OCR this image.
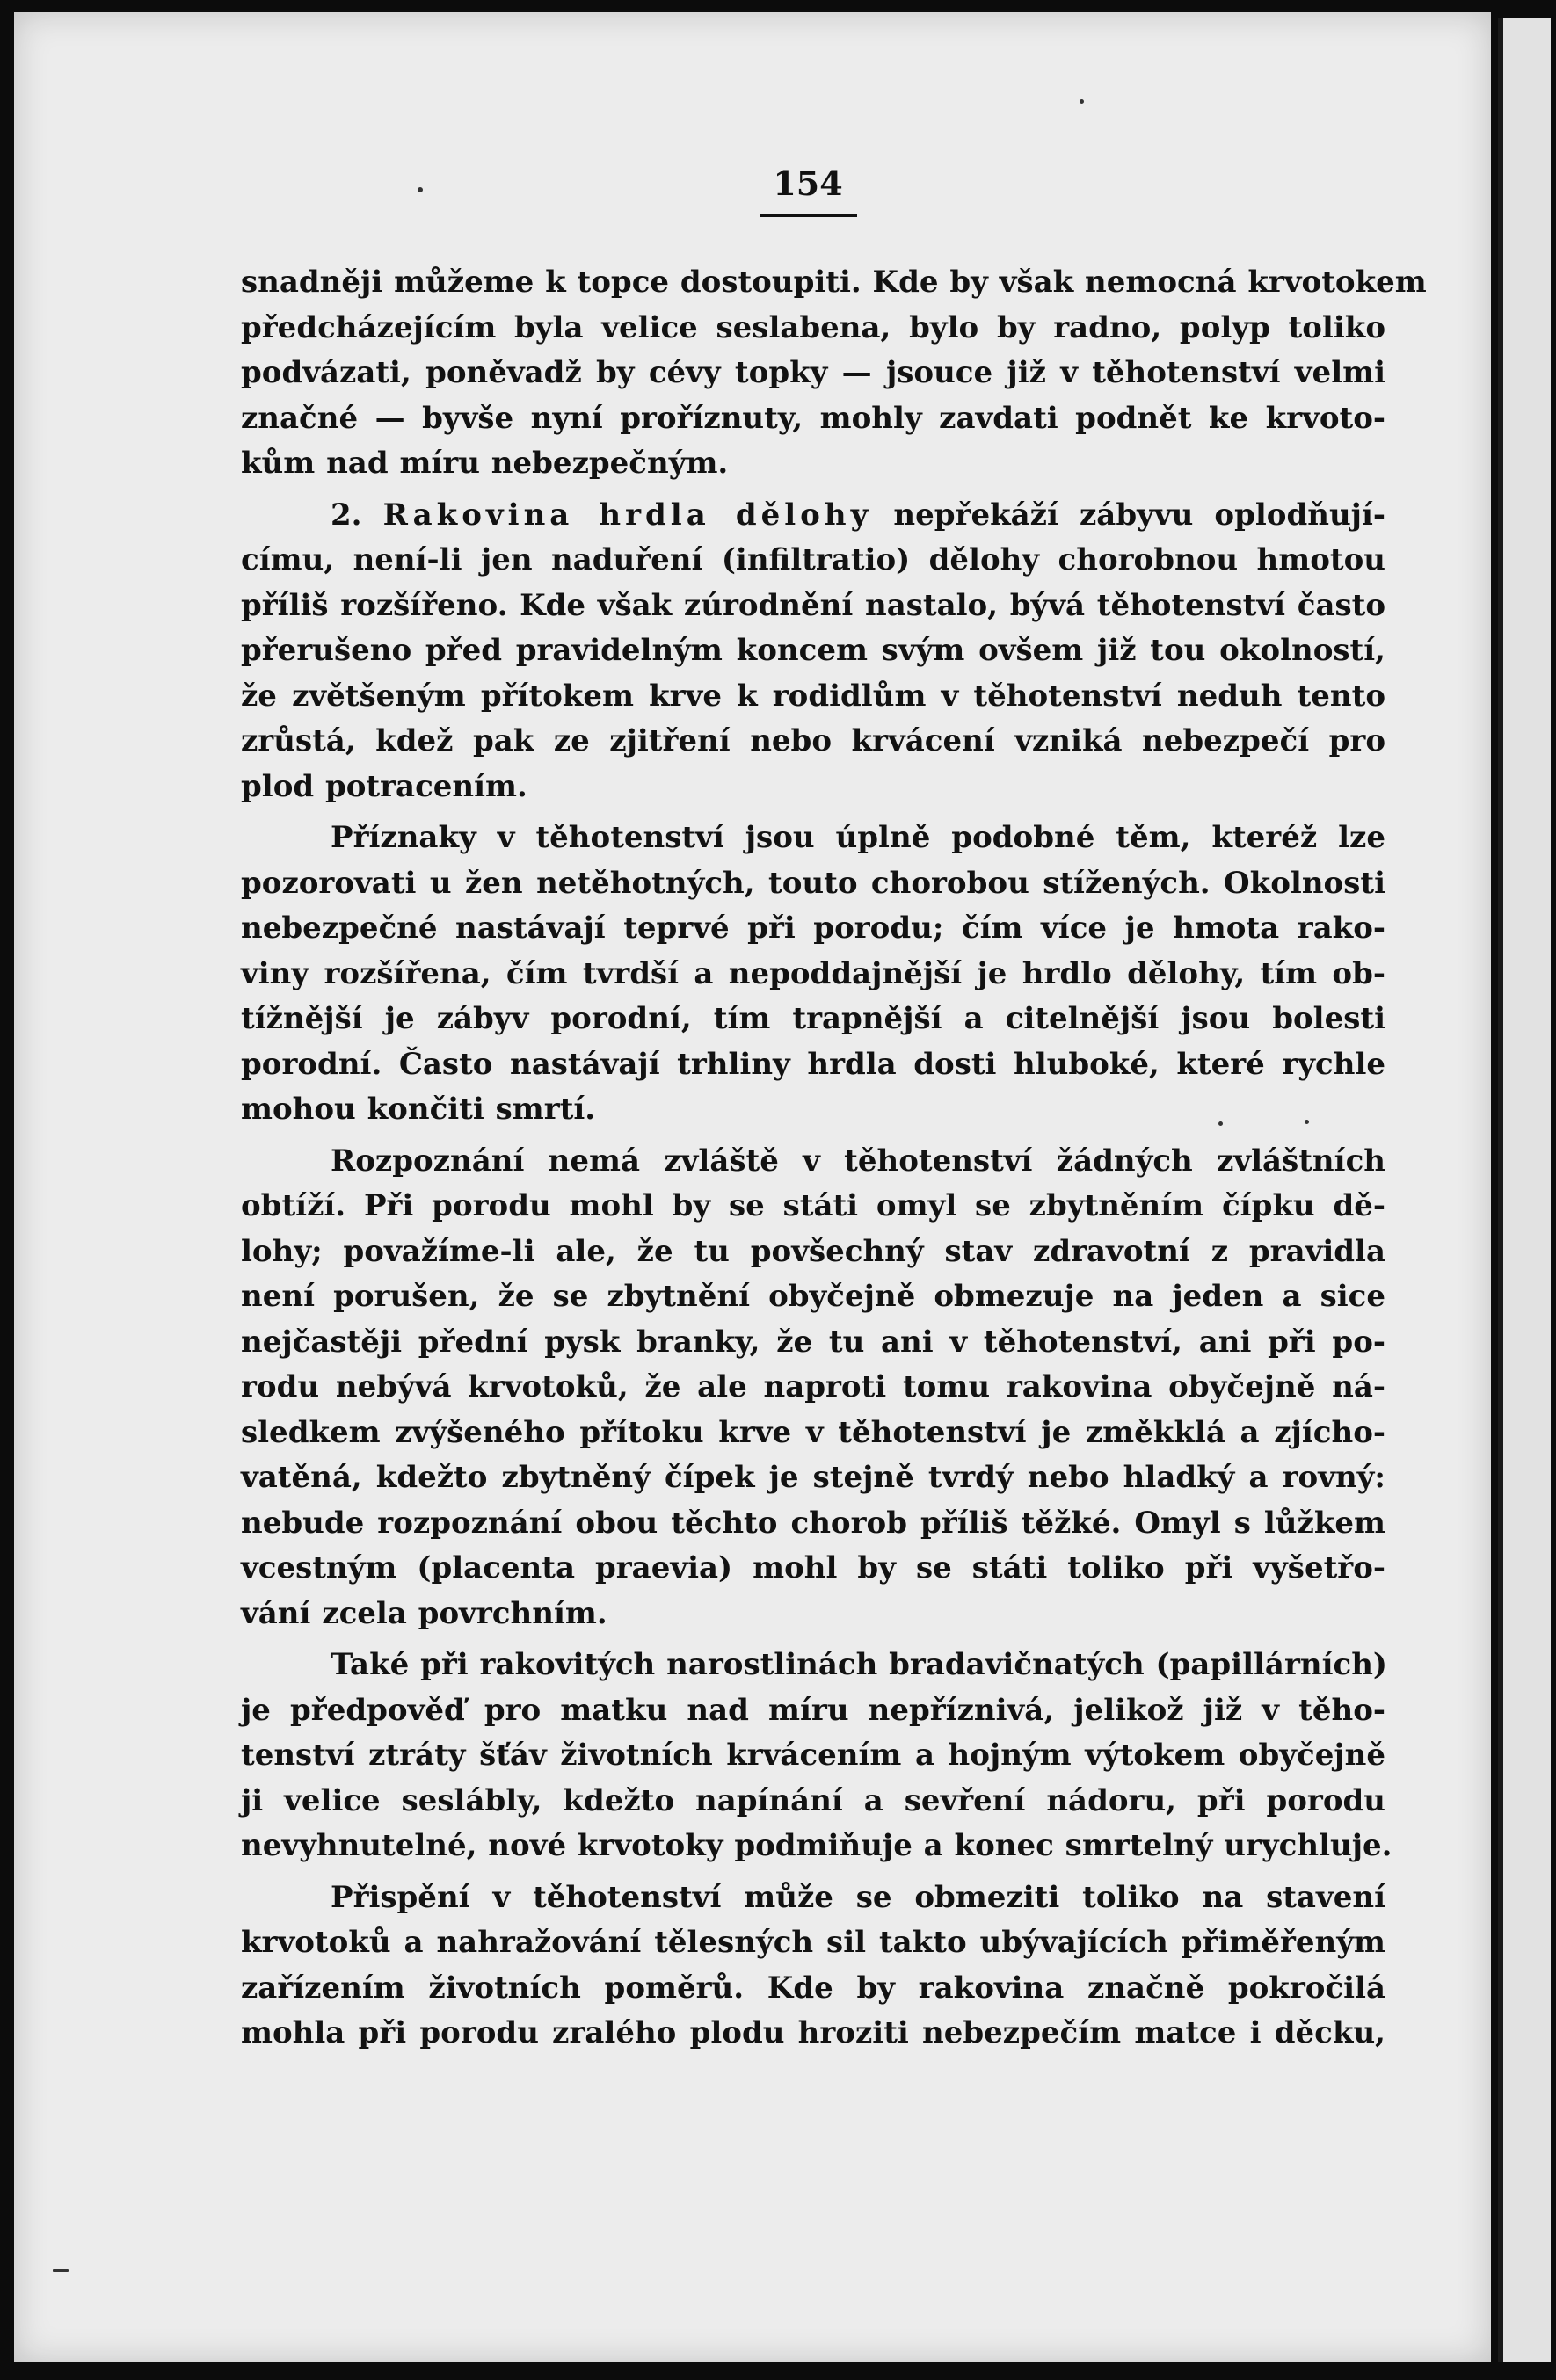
154
snadněji můžeme k topce dostoupiti. Kde by však nemocná krvotokem
předcházejícím byla velice seslabena, bylo by radno, polyp toliko
podvázati, poněvadž by cévy topky — jsouce již v těhotenství velmi
značné — byvše nyní proříznuty, mohly zavdati podnět ke krvoto-
kům nad míru nebezpečným.
2. Rakovina hrdla dělohy nepřekáží zábyvu oplodňují-
címu, není-li jen naduření (infiltratio) dělohy chorobnou hmotou
příliš rozšířeno. Kde však zúrodnění nastalo, bývá těhotenství často
přerušeno před pravidelným koncem svým ovšem již tou okolností,
že zvětšeným přítokem krve k rodidlům v těhotenství neduh tento
zrůstá, kdež pak ze zjitření nebo krvácení vzniká nebezpečí pro
plod potracením.
Příznaky v těhotenství jsou úplně podobné těm, kteréž lze
pozorovati u žen netěhotných, touto chorobou stížených. Okolnosti
nebezpečné nastávají teprvé při porodu; čím více je hmota rako-
viny rozšířena, čím tvrdší a nepoddajnější je hrdlo dělohy, tím ob-
tížnější je zábyv porodní, tím trapnější a citelnější jsou bolesti
porodní. Často nastávají trhliny hrdla dosti hluboké, které rychle
mohou končiti smrtí.
Rozpoznání nemá zvláště v těhotenství žádných zvláštních
obtíží. Při porodu mohl by se státi omyl se zbytněním čípku dě-
lohy; považíme-li ale, že tu povšechný stav zdravotní z pravidla
není porušen, že se zbytnění obyčejně obmezuje na jeden a sice
nejčastěji přední pysk branky, že tu ani v těhotenství, ani při po-
rodu nebývá krvotoků, že ale naproti tomu rakovina obyčejně ná-
sledkem zvýšeného přítoku krve v těhotenství je změkklá a zjícho-
vatěná, kdežto zbytněný čípek je stejně tvrdý nebo hladký a rovný:
nebude rozpoznání obou těchto chorob příliš těžké. Omyl s lůžkem
vcestným (placenta praevia) mohl by se státi toliko při vyšetřo-
vání zcela povrchním.
Také při rakovitých narostlinách bradavičnatých (papillárních)
je předpověď pro matku nad míru nepříznivá, jelikož již v těho-
tenství ztráty šťáv životních krvácením a hojným výtokem obyčejně
ji velice seslábly, kdežto napínání a sevření nádoru, při porodu
nevyhnutelné, nové krvotoky podmiňuje a konec smrtelný urychluje.
Přispění v těhotenství může se obmeziti toliko na stavení
krvotoků a nahražování tělesných sil takto ubývajících přiměřeným
zařízením životních poměrů. Kde by rakovina značně pokročilá
mohla při porodu zralého plodu hroziti nebezpečím matce i děcku,
